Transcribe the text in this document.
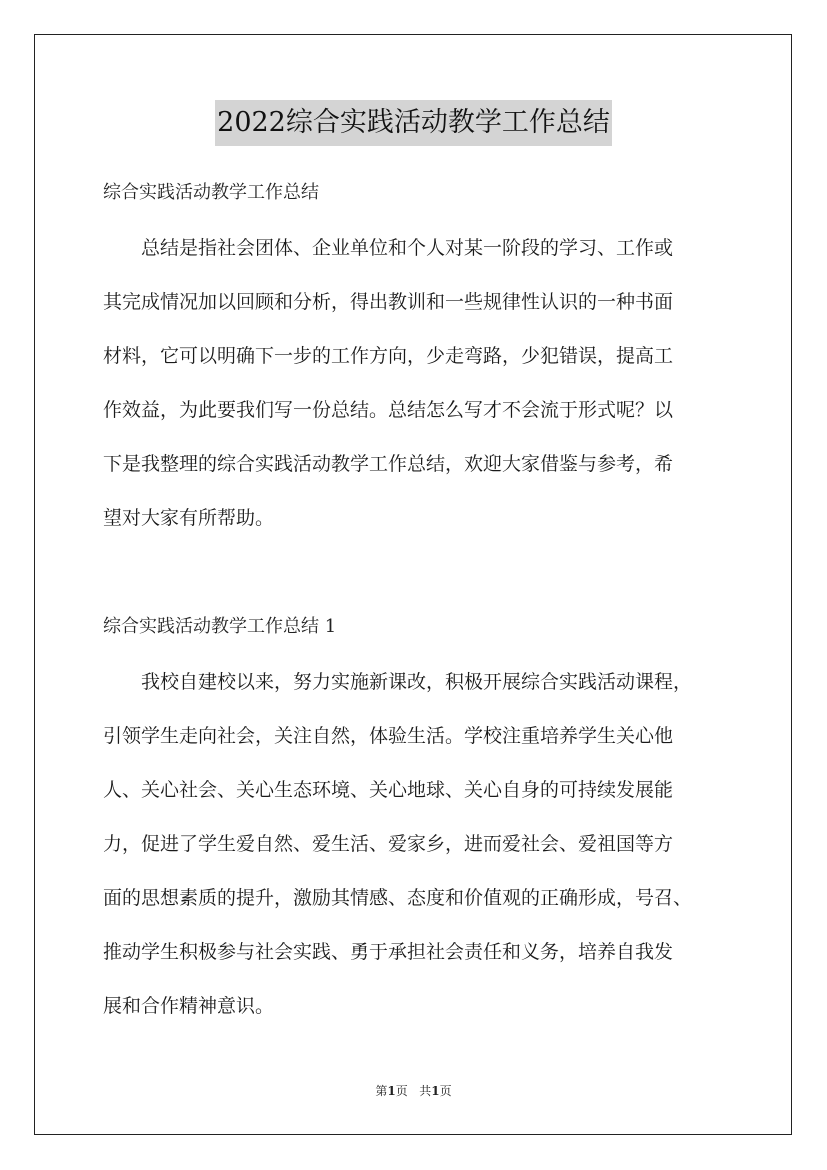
2022综合实践活动教学工作总结
综合实践活动教学工作总结
　　总结是指社会团体、企业单位和个人对某一阶段的学习、工作或
其完成情况加以回顾和分析，得出教训和一些规律性认识的一种书面
材料，它可以明确下一步的工作方向，少走弯路，少犯错误，提高工
作效益，为此要我们写一份总结。总结怎么写才不会流于形式呢？以
下是我整理的综合实践活动教学工作总结，欢迎大家借鉴与参考，希
望对大家有所帮助。
综合实践活动教学工作总结 1
　　我校自建校以来，努力实施新课改，积极开展综合实践活动课程，
引领学生走向社会，关注自然，体验生活。学校注重培养学生关心他
人、关心社会、关心生态环境、关心地球、关心自身的可持续发展能
力，促进了学生爱自然、爱生活、爱家乡，进而爱社会、爱祖国等方
面的思想素质的提升，激励其情感、态度和价值观的正确形成，号召、
推动学生积极参与社会实践、勇于承担社会责任和义务，培养自我发
展和合作精神意识。
第1页 共1页
